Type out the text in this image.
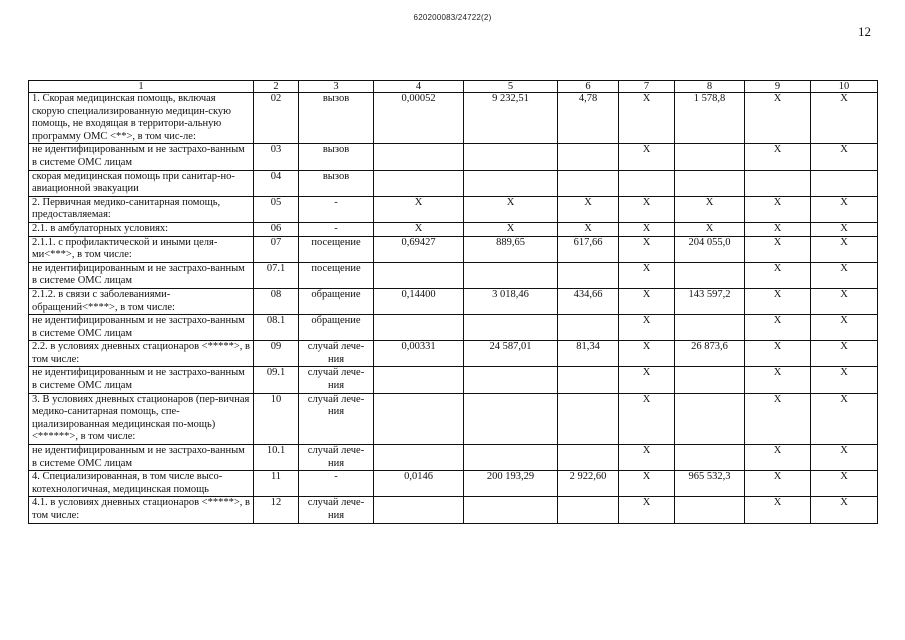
620200083/24722(2)
12
1	2	3	4	5	6	7	8	9	10
1. Скорая медицинская помощь, включая скорую специализированную медицин-скую помощь, не входящая в территори-альную программу ОМС <**>, в том чис-ле:	02	вызов	0,00052	9 232,51	4,78	X	1 578,8	X	X
не идентифицированным и не застрахо-ванным в системе ОМС лицам	03	вызов				X		X	X
скорая медицинская помощь при санитар-но-авиационной эвакуации	04	вызов							
2. Первичная медико-санитарная помощь, предоставляемая:	05	-	X	X	X	X	X	X	X
2.1. в амбулаторных условиях:	06	-	X	X	X	X	X	X	X
2.1.1. с профилактической и иными целя-ми<***>, в том числе:	07	посещение	0,69427	889,65	617,66	X	204 055,0	X	X
не идентифицированным и не застрахо-ванным в системе ОМС лицам	07.1	посещение				X		X	X
2.1.2. в связи с заболеваниями-обращений<****>, в том числе:	08	обращение	0,14400	3 018,46	434,66	X	143 597,2	X	X
не идентифицированным и не застрахо-ванным в системе ОМС лицам	08.1	обращение				X		X	X
2.2. в условиях дневных стационаров <*****>, в том числе:	09	случай лече-ния	0,00331	24 587,01	81,34	X	26 873,6	X	X
не идентифицированным и не застрахо-ванным в системе ОМС лицам	09.1	случай лече-ния				X		X	X
3. В условиях дневных стационаров (пер-вичная медико-санитарная помощь, спе-циализированная медицинская по-мощь)<******>, в том числе:	10	случай лече-ния				X		X	X
не идентифицированным и не застрахо-ванным в системе ОМС лицам	10.1	случай лече-ния				X		X	X
4. Специализированная, в том числе высо-котехнологичная, медицинская помощь	11	-	0,0146	200 193,29	2 922,60	X	965 532,3	X	X
4.1. в условиях дневных стационаров <*****>, в том числе:	12	случай лече-ния				X		X	X
